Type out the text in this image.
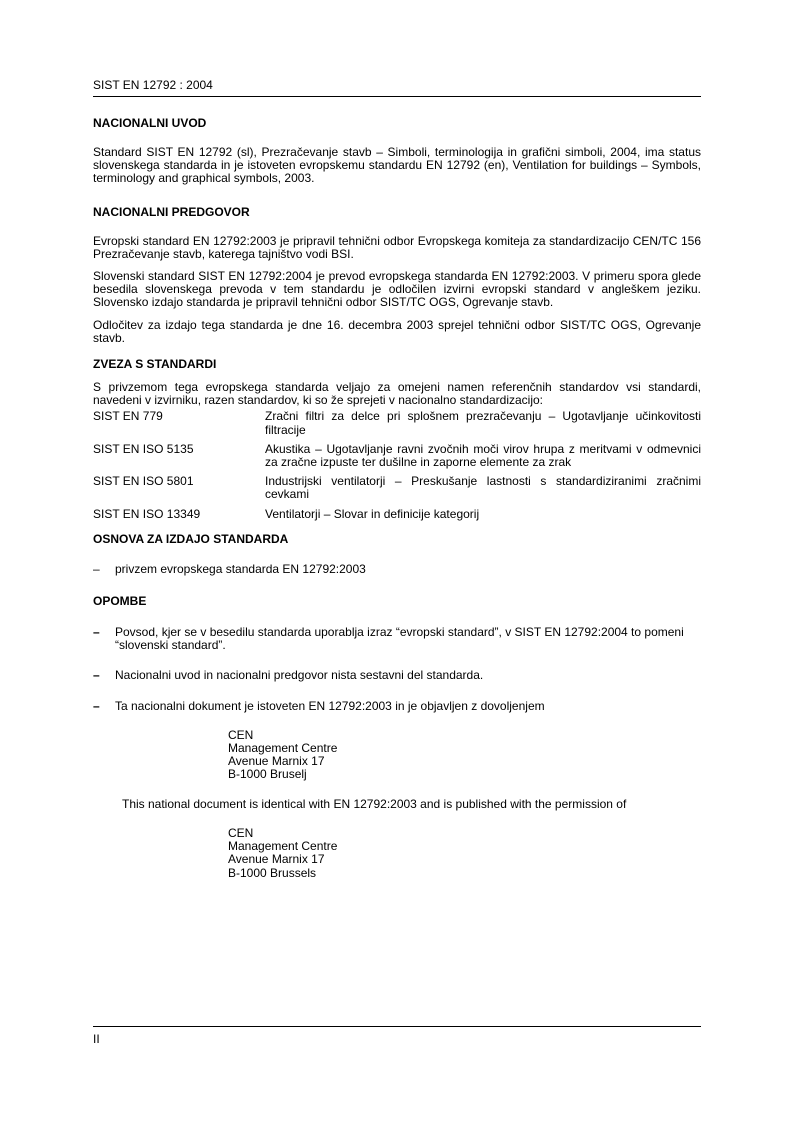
SIST EN 12792 : 2004
NACIONALNI UVOD

Standard SIST EN 12792 (sl), Prezračevanje stavb – Simboli, terminologija in grafični simboli, 2004, ima status slovenskega standarda in je istoveten evropskemu standardu EN 12792 (en), Ventilation for buildings – Symbols, terminology and graphical symbols, 2003.

NACIONALNI PREDGOVOR

Evropski standard EN 12792:2003 je pripravil tehnični odbor Evropskega komiteja za standardizacijo CEN/TC 156 Prezračevanje stavb, katerega tajništvo vodi BSI.

Slovenski standard SIST EN 12792:2004 je prevod evropskega standarda EN 12792:2003. V primeru spora glede besedila slovenskega prevoda v tem standardu je odločilen izvirni evropski standard v angleškem jeziku. Slovensko izdajo standarda je pripravil tehnični odbor SIST/TC OGS, Ogrevanje stavb.

Odločitev za izdajo tega standarda je dne 16. decembra 2003 sprejel tehnični odbor SIST/TC OGS, Ogrevanje stavb.

ZVEZA S STANDARDI

S privzemom tega evropskega standarda veljajo za omejeni namen referenčnih standardov vsi standardi, navedeni v izvirniku, razen standardov, ki so že sprejeti v nacionalno standardizacijo:

SIST EN 779	Zračni filtri za delce pri splošnem prezračevanju – Ugotavljanje učinkovitosti filtracije
SIST EN ISO 5135	Akustika – Ugotavljanje ravni zvočnih moči virov hrupa z meritvami v odmevnici za zračne izpuste ter dušilne in zaporne elemente za zrak
SIST EN ISO 5801	Industrijski ventilatorji – Preskušanje lastnosti s standardiziranimi zračnimi cevkami
SIST EN ISO 13349	Ventilatorji – Slovar in definicije kategorij
OSNOVA ZA IZDAJO STANDARDA
– privzem evropskega standarda EN 12792:2003
OPOMBE
– Povsod, kjer se v besedilu standarda uporablja izraz “evropski standard”, v SIST EN 12792:2004 to pomeni “slovenski standard”.
– Nacionalni uvod in nacionalni predgovor nista sestavni del standarda.
– Ta nacionalni dokument je istoveten EN 12792:2003 in je objavljen z dovoljenjem
CEN
Management Centre
Avenue Marnix 17
B-1000 Bruselj

This national document is identical with EN 12792:2003 and is published with the permission of

CEN
Management Centre
Avenue Marnix 17
B-1000 Brussels
II
